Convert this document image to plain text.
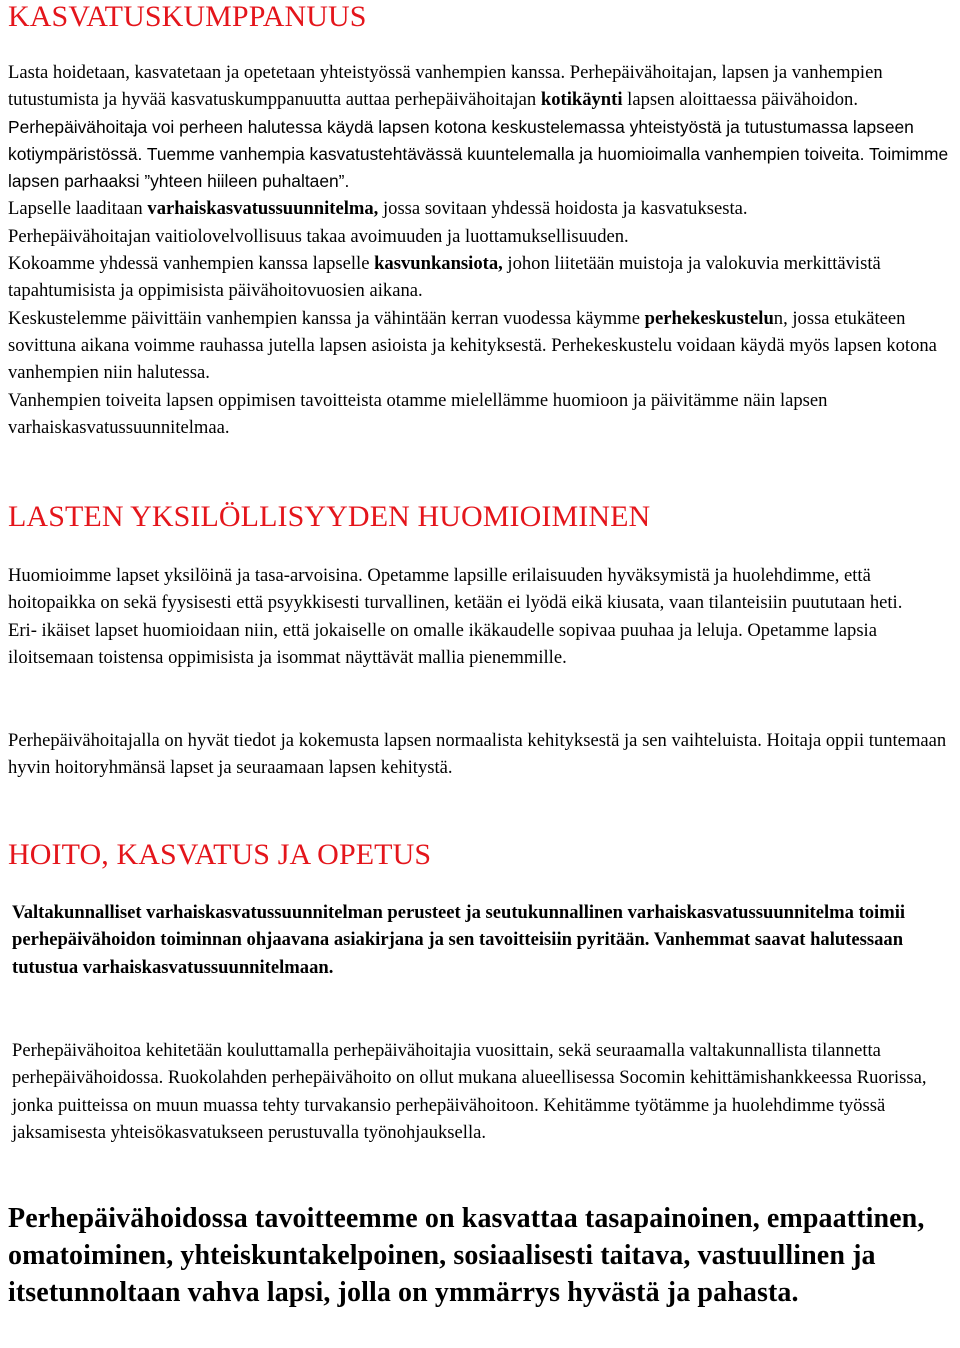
KASVATUSKUMPPANUUS

Lasta hoidetaan, kasvatetaan ja opetetaan yhteistyössä vanhempien kanssa. Perhepäivähoitajan, lapsen ja vanhempien tutustumista ja hyvää kasvatuskumppanuutta auttaa perhepäivähoitajan kotikäynti lapsen aloittaessa päivähoidon. Perhepäivähoitaja voi perheen halutessa käydä lapsen kotona keskustelemassa yhteistyöstä ja tutustumassa lapseen kotiympäristössä. Tuemme vanhempia kasvatustehtävässä kuuntelemalla ja huomioimalla vanhempien toiveita. Toimimme lapsen parhaaksi ”yhteen hiileen puhaltaen”.

Lapselle laaditaan varhaiskasvatussuunnitelma, jossa sovitaan yhdessä hoidosta ja kasvatuksesta.

Perhepäivähoitajan vaitiolovelvollisuus takaa avoimuuden ja luottamuksellisuuden.

Kokoamme yhdessä vanhempien kanssa lapselle kasvunkansiota, johon liitetään muistoja ja valokuvia merkittävistä tapahtumisista ja oppimisista päivähoitovuosien aikana.

Keskustelemme päivittäin vanhempien kanssa ja vähintään kerran vuodessa käymme perhekeskustelun, jossa etukäteen sovittuna aikana voimme rauhassa jutella lapsen asioista ja kehityksestä. Perhekeskustelu voidaan käydä myös lapsen kotona vanhempien niin halutessa.

Vanhempien toiveita lapsen oppimisen tavoitteista otamme mielellämme huomioon ja päivitämme näin lapsen varhaiskasvatussuunnitelmaa.

LASTEN YKSILÖLLISYYDEN HUOMIOIMINEN

Huomioimme lapset yksilöinä ja tasa-arvoisina. Opetamme lapsille erilaisuuden hyväksymistä ja huolehdimme, että hoitopaikka on sekä fyysisesti että psyykkisesti turvallinen, ketään ei lyödä eikä kiusata, vaan tilanteisiin puututaan heti.

Eri- ikäiset lapset huomioidaan niin, että jokaiselle on omalle ikäkaudelle sopivaa puuhaa ja leluja. Opetamme lapsia iloitsemaan toistensa oppimisista ja isommat näyttävät mallia pienemmille.

Perhepäivähoitajalla on hyvät tiedot ja kokemusta lapsen normaalista kehityksestä ja sen vaihteluista. Hoitaja oppii tuntemaan hyvin hoitoryhmänsä lapset ja seuraamaan lapsen kehitystä.

HOITO, KASVATUS JA OPETUS

Valtakunnalliset varhaiskasvatussuunnitelman perusteet ja seutukunnallinen varhaiskasvatussuunnitelma toimii perhepäivähoidon toiminnan ohjaavana asiakirjana ja sen tavoitteisiin pyritään. Vanhemmat saavat halutessaan tutustua varhaiskasvatussuunnitelmaan.

Perhepäivähoitoa kehitetään kouluttamalla perhepäivähoitajia vuosittain, sekä seuraamalla valtakunnallista tilannetta perhepäivähoidossa. Ruokolahden perhepäivähoito on ollut mukana alueellisessa Socomin kehittämishankkeessa Ruorissa, jonka puitteissa on muun muassa tehty turvakansio perhepäivähoitoon. Kehitämme työtämme ja huolehdimme työssä jaksamisesta yhteisökasvatukseen perustuvalla työnohjauksella.

Perhepäivähoidossa tavoitteemme on kasvattaa tasapainoinen, empaattinen, omatoiminen, yhteiskuntakelpoinen, sosiaalisesti taitava, vastuullinen ja itsetunnoltaan vahva lapsi, jolla on ymmärrys hyvästä ja pahasta.
